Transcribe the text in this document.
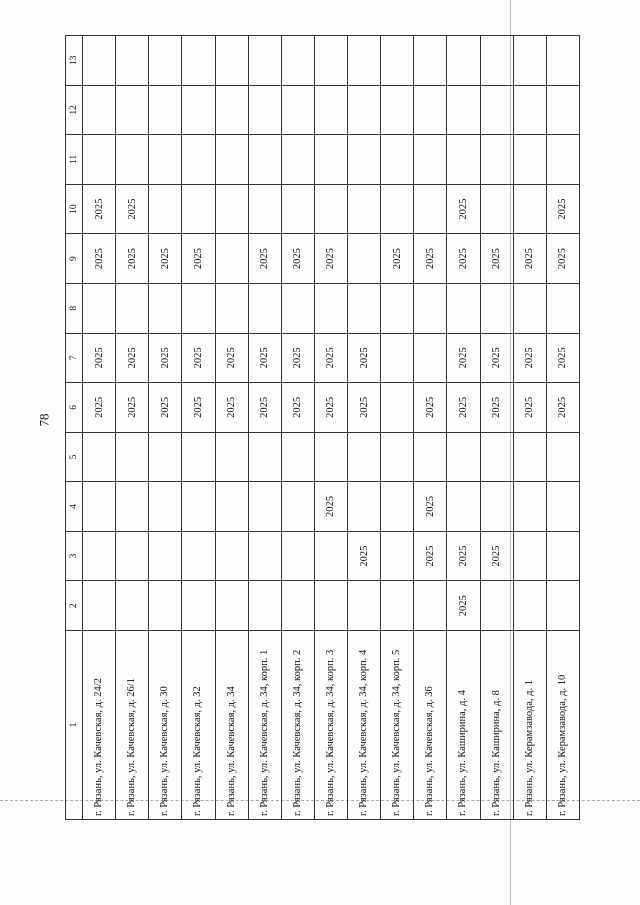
78
1	2	3	4	5	6	7	8	9	10	11	12	13
г. Рязань, ул. Качевская, д. 24/2					2025	2025		2025	2025			
г. Рязань, ул. Качевская, д. 26/1					2025	2025		2025	2025			
г. Рязань, ул. Качевская, д. 30					2025	2025		2025				
г. Рязань, ул. Качевская, д. 32					2025	2025		2025				
г. Рязань, ул. Качевская, д. 34					2025	2025						
г. Рязань, ул. Качевская, д. 34, корп. 1					2025	2025		2025				
г. Рязань, ул. Качевская, д. 34, корп. 2					2025	2025		2025				
г. Рязань, ул. Качевская, д. 34, корп. 3			2025		2025	2025		2025				
г. Рязань, ул. Качевская, д. 34, корп. 4		2025			2025	2025						
г. Рязань, ул. Качевская, д. 34, корп. 5								2025				
г. Рязань, ул. Качевская, д. 36		2025	2025		2025			2025				
г. Рязань, ул. Каширина, д. 4	2025	2025			2025	2025		2025	2025			
г. Рязань, ул. Каширина, д. 8		2025			2025	2025		2025				
г. Рязань, ул. Керамзавода, д. 1					2025	2025		2025				
г. Рязань, ул. Керамзавода, д. 10					2025	2025		2025	2025			
